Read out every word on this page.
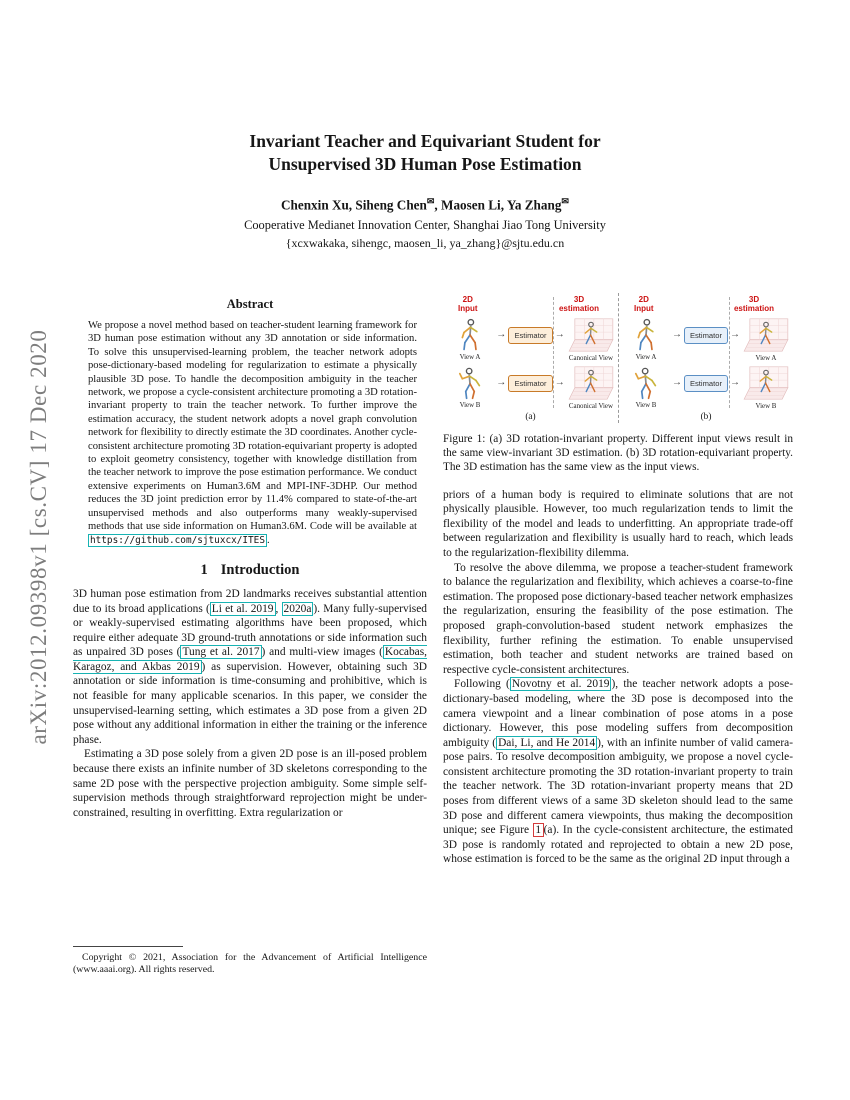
arXiv:2012.09398v1 [cs.CV] 17 Dec 2020
Invariant Teacher and Equivariant Student for
Unsupervised 3D Human Pose Estimation
Chenxin Xu, Siheng Chen✉, Maosen Li, Ya Zhang✉
Cooperative Medianet Innovation Center, Shanghai Jiao Tong University
{xcxwakaka, sihengc, maosen_li, ya_zhang}@sjtu.edu.cn
Abstract

We propose a novel method based on teacher-student learning framework for 3D human pose estimation without any 3D annotation or side information. To solve this unsupervised-learning problem, the teacher network adopts pose-dictionary-based modeling for regularization to estimate a physically plausible 3D pose. To handle the decomposition ambiguity in the teacher network, we propose a cycle-consistent architecture promoting a 3D rotation-invariant property to train the teacher network. To further improve the estimation accuracy, the student network adopts a novel graph convolution network for flexibility to directly estimate the 3D coordinates. Another cycle-consistent architecture promoting 3D rotation-equivariant property is adopted to exploit geometry consistency, together with knowledge distillation from the teacher network to improve the pose estimation performance. We conduct extensive experiments on Human3.6M and MPI-INF-3DHP. Our method reduces the 3D joint prediction error by 11.4% compared to state-of-the-art unsupervised methods and also outperforms many weakly-supervised methods that use side information on Human3.6M. Code will be available at https://github.com/sjtuxcx/ITES .

1 Introduction

3D human pose estimation from 2D landmarks receives substantial attention due to its broad applications ( Li et al. 2019 , 2020a ). Many fully-supervised or weakly-supervised estimating algorithms have been proposed, which require either adequate 3D ground-truth annotations or side information such as unpaired 3D poses ( Tung et al. 2017 ) and multi-view images ( Kocabas, Karagoz, and Akbas 2019 ) as supervision. However, obtaining such 3D annotation or side information is time-consuming and prohibitive, which is not feasible for many applicable scenarios. In this paper, we consider the unsupervised-learning setting, which estimates a 3D pose from a given 2D pose without any additional information in either the training or the inference phase.

Estimating a 3D pose solely from a given 2D pose is an ill-posed problem because there exists an infinite number of 3D skeletons corresponding to the same 2D pose with the perspective projection ambiguity. Some simple self-supervision methods through straightforward reprojection might be under-constrained, resulting in overfitting. Extra regularization or

Copyright © 2021, Association for the Advancement of Artificial Intelligence (www.aaai.org). All rights reserved.

2D
Input
3D
estimation
View A
→	Estimator →
Canonical View
View B
→	Estimator →
Canonical View
(a)
2D
Input
3D
estimation
View A
→	Estimator →
View A
View B
→	Estimator →
View B
(b)
Figure 1: (a) 3D rotation-invariant property. Different input views result in the same view-invariant 3D estimation. (b) 3D rotation-equivariant property. The 3D estimation has the same view as the input views.

priors of a human body is required to eliminate solutions that are not physically plausible. However, too much regularization tends to limit the flexibility of the model and leads to underfitting. An appropriate trade-off between regularization and flexibility is usually hard to reach, which leads to the regularization-flexibility dilemma.

To resolve the above dilemma, we propose a teacher-student framework to balance the regularization and flexibility, which achieves a coarse-to-fine estimation. The proposed pose dictionary-based teacher network emphasizes the regularization, ensuring the feasibility of the pose estimation. The proposed graph-convolution-based student network emphasizes the flexibility, further refining the estimation. To enable unsupervised estimation, both teacher and student networks are trained based on respective cycle-consistent architectures.

Following ( Novotny et al. 2019 ), the teacher network adopts a pose-dictionary-based modeling, where the 3D pose is decomposed into the camera viewpoint and a linear combination of pose atoms in a pose dictionary. However, this pose modeling suffers from decomposition ambiguity ( Dai, Li, and He 2014 ), with an infinite number of valid camera-pose pairs. To resolve decomposition ambiguity, we propose a novel cycle-consistent architecture promoting the 3D rotation-invariant property to train the teacher network. The 3D rotation-invariant property means that 2D poses from different views of a same 3D skeleton should lead to the same 3D pose and different camera viewpoints, thus making the decomposition unique; see Figure 1 (a). In the cycle-consistent architecture, the estimated 3D pose is randomly rotated and reprojected to obtain a new 2D pose, whose estimation is forced to be the same as the original 2D input through a
